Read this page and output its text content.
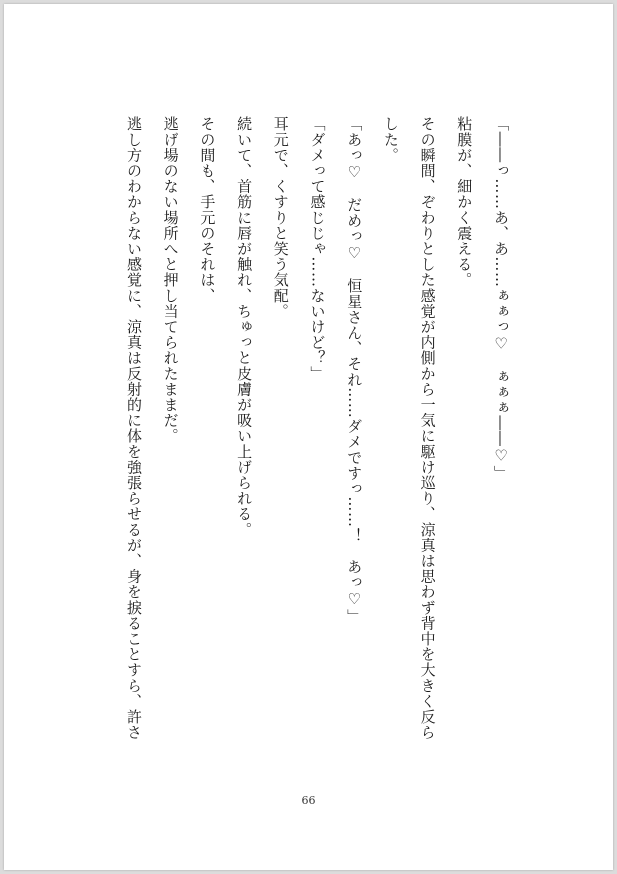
「――っ……あ、あ……ぁぁっ♡　ぁぁぁ――♡」
粘膜が、細かく震える。
その瞬間、ぞわりとした感覚が内側から一気に駆け巡り、涼真は思わず背中を大きく反ら
した。
「あっ♡　だめっ♡　恒星さん、それ……ダメですっ……！　あっ♡」
「ダメって感じじゃ……ないけど？」
耳元で、くすりと笑う気配。
続いて、首筋に唇が触れ、ちゅっと皮膚が吸い上げられる。
その間も、手元のそれは、
逃げ場のない場所へと押し当てられたままだ。
逃し方のわからない感覚に、涼真は反射的に体を強張らせるが、身を捩ることすら、許さ
66
